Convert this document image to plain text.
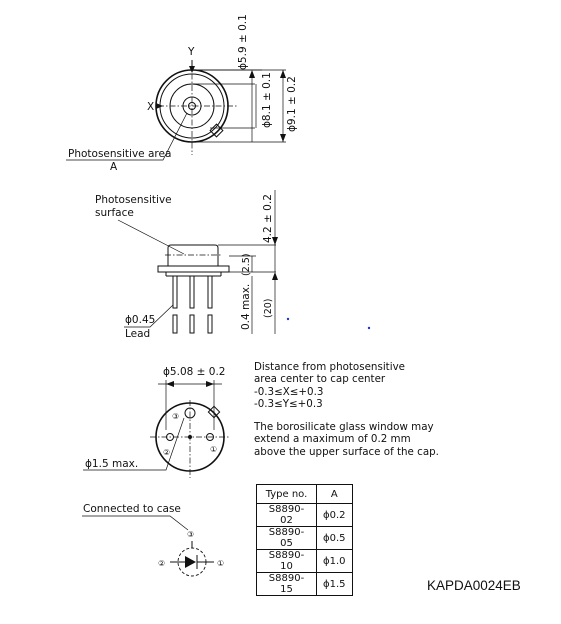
X
Y	ϕ5.9 ± 0.1
ϕ8.1 ± 0.1 ϕ9.1 ± 0.2
Photosensitive area
A
Photosensitive
surface	4.2 ± 0.2
(2.5)
0.4 max. (20)
ϕ0.45
Lead
ϕ5.08 ± 0.2
③
②	①
ϕ1.5 max.
Connected to case
③
②	①
KAPDA0024EB

Distance from photosensitive

area center to cap center

-0.3≤X≤+0.3

-0.3≤Y≤+0.3

The borosilicate glass window may

extend a maximum of 0.2 mm

above the upper surface of the cap.

Type no.	A
S8890-02	ϕ0.2
S8890-05	ϕ0.5
S8890-10	ϕ1.0
S8890-15	ϕ1.5
